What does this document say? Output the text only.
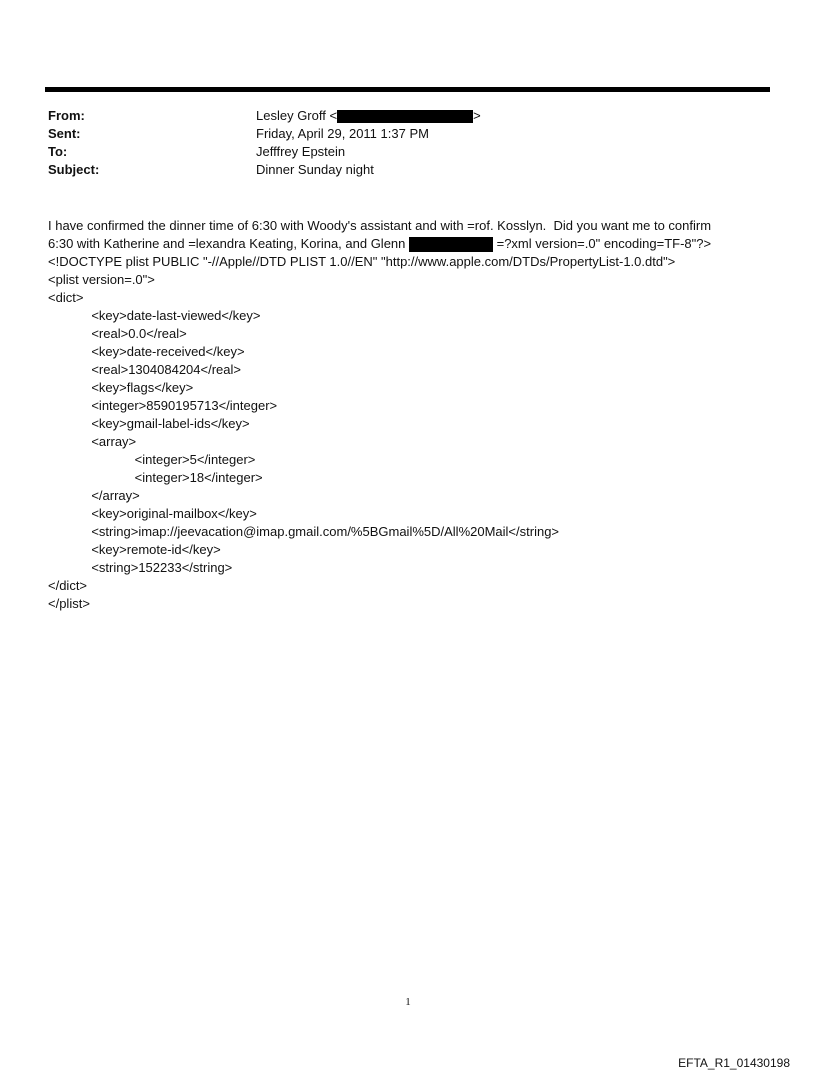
From:	Lesley Groff <	>
Sent:	Friday, April 29, 2011 1:37 PM
To:	Jefffrey Epstein
Subject:	Dinner Sunday night
I have confirmed the dinner time of 6:30 with Woody's assistant and with =rof. Kosslyn.  Did you want me to confirm
6:30 with Katherine and =lexandra Keating, Korina, and Glenn	=?xml version=.0" encoding=TF-8"?>
<!DOCTYPE plist PUBLIC "-//Apple//DTD PLIST 1.0//EN" "http://www.apple.com/DTDs/PropertyList-1.0.dtd">
<plist version=.0">
<dict>
<key>date-last-viewed</key>
<real>0.0</real>
<key>date-received</key>
<real>1304084204</real>
<key>flags</key>
<integer>8590195713</integer>
<key>gmail-label-ids</key>
<array>
<integer>5</integer>
<integer>18</integer>
</array>
<key>original-mailbox</key>
<string>imap://jeevacation@imap.gmail.com/%5BGmail%5D/All%20Mail</string>
<key>remote-id</key>
<string>152233</string>
</dict>
</plist>
1
EFTA_R1_01430198
